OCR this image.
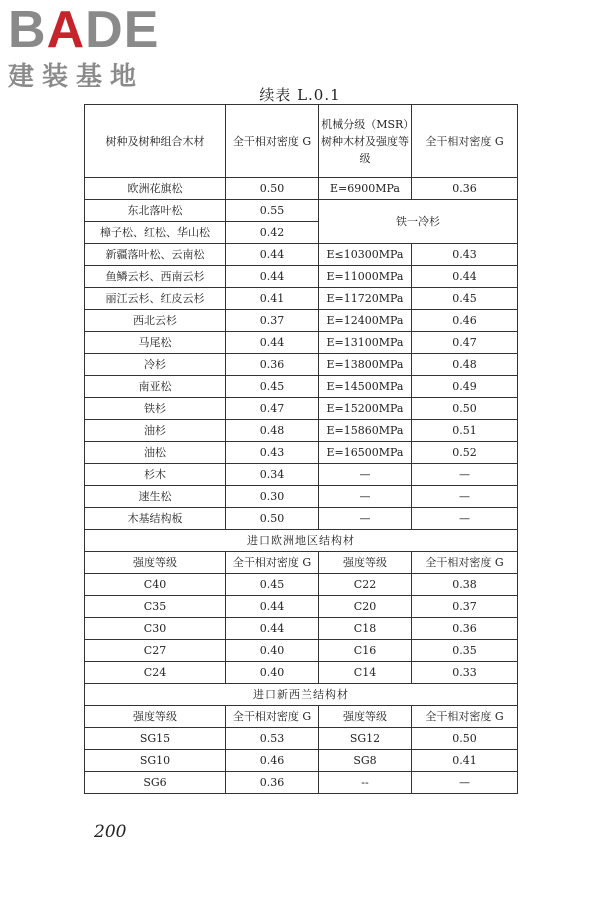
BADE
建装基地
续表 L.0.1
树种及树种组合木材	全干相对密度 G	机械分级（MSR）树种木材及强度等级	全干相对密度 G
欧洲花旗松	0.50	E=6900MPa	0.36
东北落叶松	0.55	铁一冷杉	
樟子松、红松、华山松	0.42		
新疆落叶松、云南松	0.44	E≤10300MPa	0.43
鱼鳞云杉、西南云杉	0.44	E=11000MPa	0.44
丽江云杉、红皮云杉	0.41	E=11720MPa	0.45
西北云杉	0.37	E=12400MPa	0.46
马尾松	0.44	E=13100MPa	0.47
冷杉	0.36	E=13800MPa	0.48
南亚松	0.45	E=14500MPa	0.49
铁杉	0.47	E=15200MPa	0.50
油杉	0.48	E=15860MPa	0.51
油松	0.43	E=16500MPa	0.52
杉木	0.34	—	—
速生松	0.30	—	—
木基结构板	0.50	—	—
进口欧洲地区结构材			
强度等级	全干相对密度 G	强度等级	全干相对密度 G
C40	0.45	C22	0.38
C35	0.44	C20	0.37
C30	0.44	C18	0.36
C27	0.40	C16	0.35
C24	0.40	C14	0.33
进口新西兰结构材			
强度等级	全干相对密度 G	强度等级	全干相对密度 G
SG15	0.53	SG12	0.50
SG10	0.46	SG8	0.41
SG6	0.36	--	—
200
